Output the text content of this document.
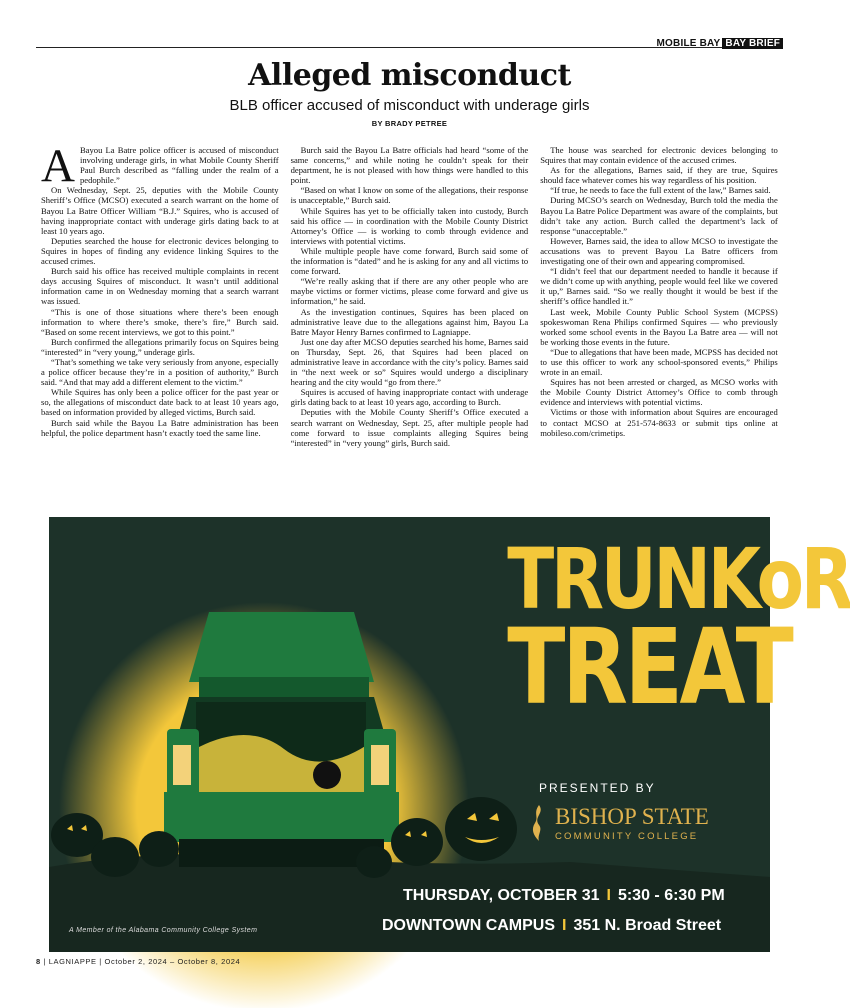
MOBILE BAY BAY BRIEF
Alleged misconduct
BLB officer accused of misconduct with underage girls
BY BRADY PETREE

A Bayou La Batre police officer is accused of misconduct involving underage girls, in what Mobile County Sheriff Paul Burch described as “falling under the realm of a pedophile.”

On Wednesday, Sept. 25, deputies with the Mobile County Sheriff’s Office (MCSO) executed a search warrant on the home of Bayou La Batre Officer William “B.J.” Squires, who is accused of having inappropriate contact with underage girls dating back to at least 10 years ago.

Deputies searched the house for electronic devices belonging to Squires in hopes of finding any evidence linking Squires to the accused crimes.

Burch said his office has received multiple complaints in recent days accusing Squires of misconduct. It wasn’t until additional information came in on Wednesday morning that a search warrant was issued.

“This is one of those situations where there’s been enough information to where there’s smoke, there’s fire,” Burch said. “Based on some recent interviews, we got to this point.”

Burch confirmed the allegations primarily focus on Squires being “interested” in “very young,” underage girls.

“That’s something we take very seriously from anyone, especially a police officer because they’re in a position of authority,” Burch said. “And that may add a different element to the victim.”

While Squires has only been a police officer for the past year or so, the allegations of misconduct date back to at least 10 years ago, based on information provided by alleged victims, Burch said.

Burch said while the Bayou La Batre administration has been helpful, the police department hasn’t exactly toed the same line.

Burch said the Bayou La Batre officials had heard “some of the same concerns,” and while noting he couldn’t speak for their department, he is not pleased with how things were handled to this point.

“Based on what I know on some of the allegations, their response is unacceptable,” Burch said.

While Squires has yet to be officially taken into custody, Burch said his office — in coordination with the Mobile County District Attorney’s Office — is working to comb through evidence and interviews with potential victims.

While multiple people have come forward, Burch said some of the information is “dated” and he is asking for any and all victims to come forward.

“We’re really asking that if there are any other people who are maybe victims or former victims, please come forward and give us information,” he said.

As the investigation continues, Squires has been placed on administrative leave due to the allegations against him, Bayou La Batre Mayor Henry Barnes confirmed to Lagniappe.

Just one day after MCSO deputies searched his home, Barnes said on Thursday, Sept. 26, that Squires had been placed on administrative leave in accordance with the city’s policy. Barnes said in “the next week or so” Squires would undergo a disciplinary hearing and the city would “go from there.”

Squires is accused of having inappropriate contact with underage girls dating back to at least 10 years ago, according to Burch.

Deputies with the Mobile County Sheriff’s Office executed a search warrant on Wednesday, Sept. 25, after multiple people had come forward to issue complaints alleging Squires being “interested” in “very young” girls, Burch said.

The house was searched for electronic devices belonging to Squires that may contain evidence of the accused crimes.

As for the allegations, Barnes said, if they are true, Squires should face whatever comes his way regardless of his position.

“If true, he needs to face the full extent of the law,” Barnes said.

During MCSO’s search on Wednesday, Burch told the media the Bayou La Batre Police Department was aware of the complaints, but didn’t take any action. Burch called the department’s lack of response “unacceptable.”

However, Barnes said, the idea to allow MCSO to investigate the accusations was to prevent Bayou La Batre officers from investigating one of their own and appearing compromised.

“I didn’t feel that our department needed to handle it because if we didn’t come up with anything, people would feel like we covered it up,” Barnes said. “So we really thought it would be best if the sheriff’s office handled it.”

Last week, Mobile County Public School System (MCPSS) spokeswoman Rena Philips confirmed Squires — who previously worked some school events in the Bayou La Batre area — will not be working those events in the future.

“Due to allegations that have been made, MCPSS has decided not to use this officer to work any school-sponsored events,” Philips wrote in an email.

Squires has not been arrested or charged, as MCSO works with the Mobile County District Attorney’s Office to comb through evidence and interviews with potential victims.

Victims or those with information about Squires are encouraged to contact MCSO at 251-574-8633 or submit tips online at mobileso.com/crimetips.

TRUNKoR
TREAT
PRESENTED BY
BISHOP STATE
COMMUNITY COLLEGE
THURSDAY, OCTOBER 31 I 5:30 - 6:30 PM
DOWNTOWN CAMPUS I 351 N. Broad Street
A Member of the Alabama Community College System
8 | LAGNIAPPE | October 2, 2024 – October 8, 2024
